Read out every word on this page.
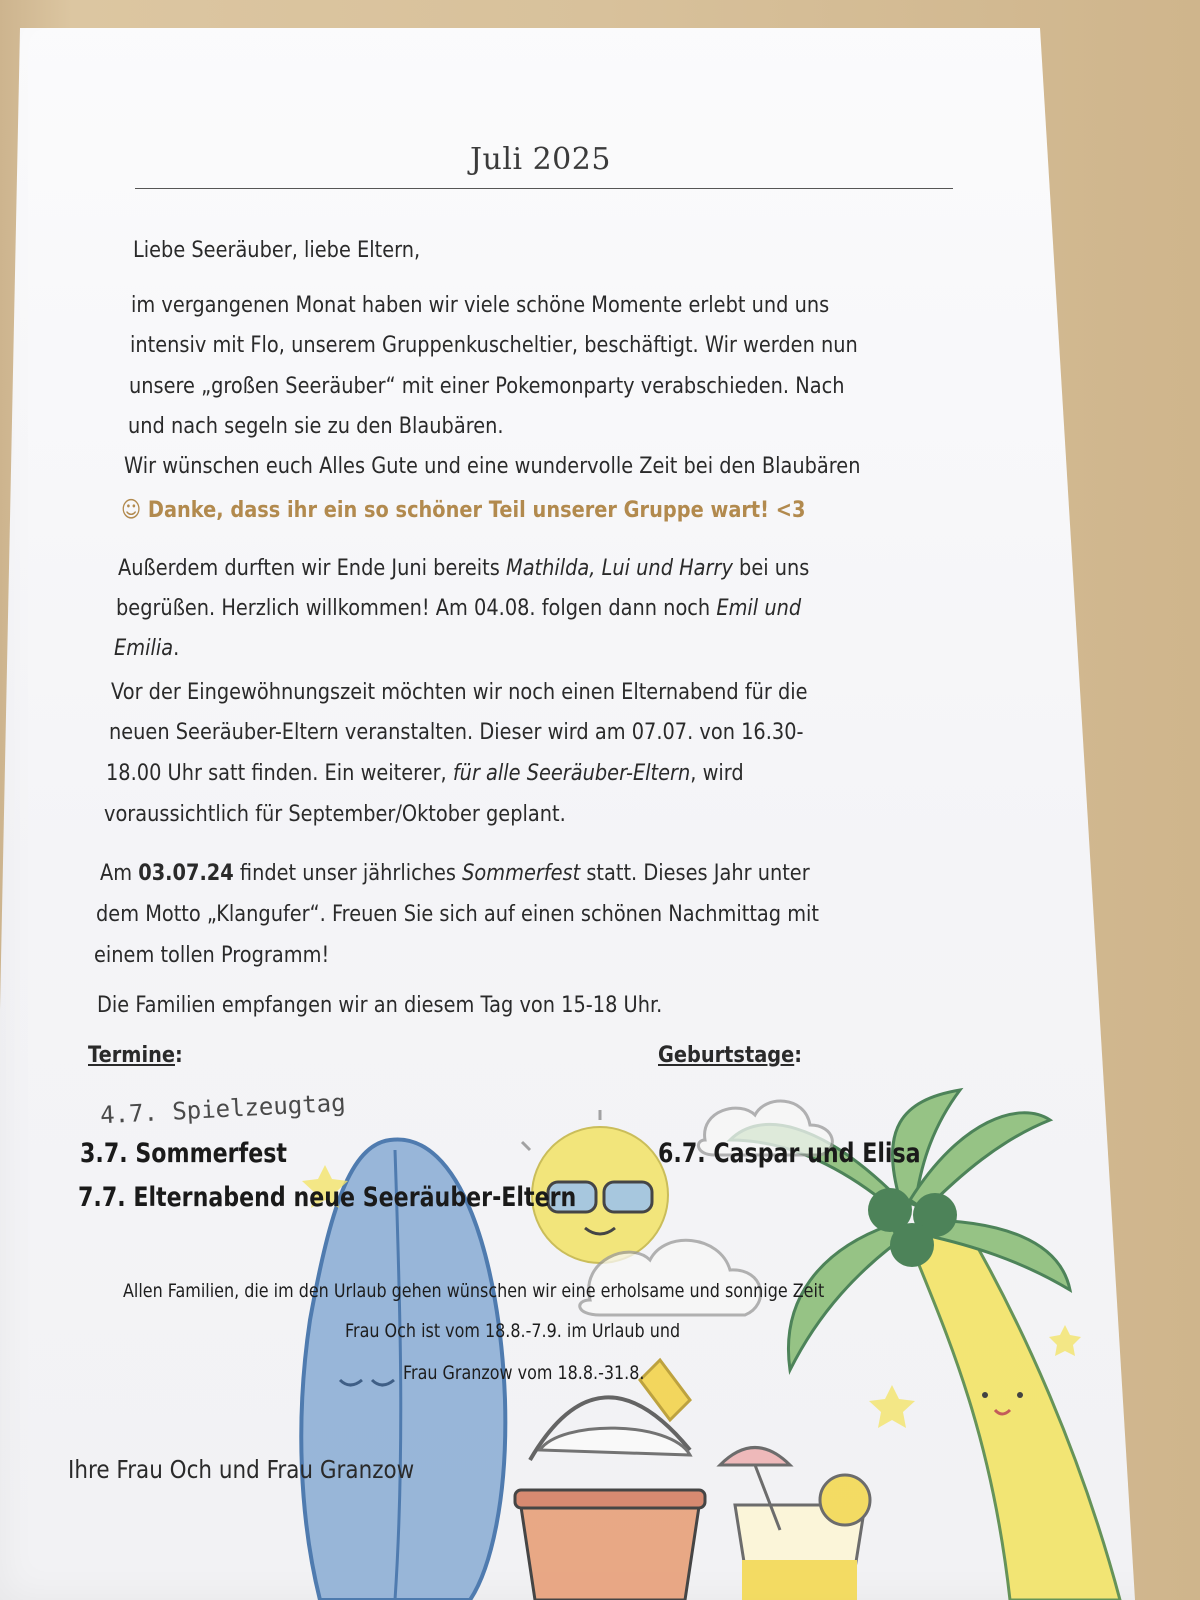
Juli 2025
Liebe Seeräuber, liebe Eltern,
im vergangenen Monat haben wir viele schöne Momente erlebt und uns
intensiv mit Flo, unserem Gruppenkuscheltier, beschäftigt. Wir werden nun
unsere „großen Seeräuber“ mit einer Pokemonparty verabschieden. Nach
und nach segeln sie zu den Blaubären.
Wir wünschen euch Alles Gute und eine wundervolle Zeit bei den Blaubären
☺ Danke, dass ihr ein so schöner Teil unserer Gruppe wart! <3
Außerdem durften wir Ende Juni bereits Mathilda, Lui und Harry bei uns
begrüßen. Herzlich willkommen! Am 04.08. folgen dann noch Emil und
Emilia.
Vor der Eingewöhnungszeit möchten wir noch einen Elternabend für die
neuen Seeräuber-Eltern veranstalten. Dieser wird am 07.07. von 16.30-
18.00 Uhr satt finden. Ein weiterer, für alle Seeräuber-Eltern, wird
voraussichtlich für September/Oktober geplant.
Am 03.07.24 findet unser jährliches Sommerfest statt. Dieses Jahr unter
dem Motto „Klangufer“. Freuen Sie sich auf einen schönen Nachmittag mit
einem tollen Programm!
Die Familien empfangen wir an diesem Tag von 15-18 Uhr.
Termine:	Geburtstage:
4.7. Spielzeugtag
3.7. Sommerfest
7.7. Elternabend neue Seeräuber-Eltern
6.7. Caspar und Elisa
Allen Familien, die im den Urlaub gehen wünschen wir eine erholsame und sonnige Zeit
Frau Och ist vom 18.8.-7.9. im Urlaub und
Frau Granzow vom 18.8.-31.8.
Ihre Frau Och und Frau Granzow
